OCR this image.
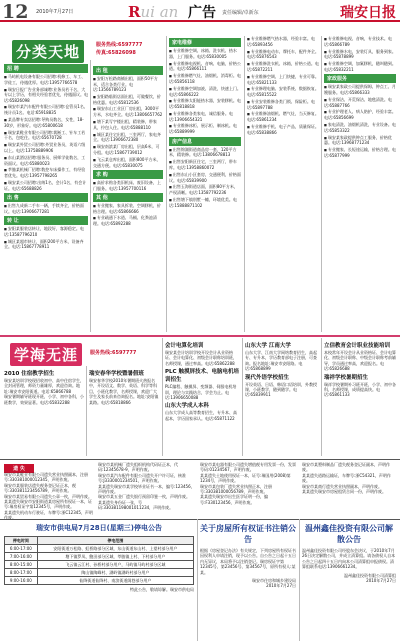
12 2010年7月27日	Rui an 广告 责任编辑/卓新东	瑞安日报
分类天地	服务热线:6597777
传真:65826098
招 聘
■ 马屿机电设备有限公司招聘:机修工、车工、学徒工，待遇优厚。电话:13957766578
■ 瑞安日报广告业务部诚聘:业务员若干名，大专以上学历，有相关经验者优先，待遇面议。电话:65826098
■ 瑞安市某汽车配件有限公司招聘:仓管员1名、统计员1名。电话:65918835
■ 某品牌专卖店招聘:导购员数名，女性，18-30岁，形象好。电话:65800618
■ 瑞安某鞋业有限公司招聘:裁断工、针车工若干名，包吃住。电话:65670728
■ 瑞安某外贸公司招聘:外贸业务员，英语六级以上。电话:13758889906
■ 东山某酒店招聘:服务员、厨师学徒数名，工资面议。电话:65880023
■ 莘塍某机械厂招聘:数控车床操作工，有经验者优先。电话:13957798265
■ 瑞安某公司招聘:出纳1名，会计1名，有会计证。电话:65688826
出 售
■ 出售九成新二手车一辆，手续齐全，价格面议。电话:13906677281
转 让
■ 安阳某服装店转让，地段好，客源稳定。电话:13587796210
■ 城区某超市转让，面积200平方米，设备齐全。电话:15867778911
出 租
■ 安阳万松路商铺出租，面积50平方米，适合各类行业。电话:13566789123
■ 安阳路临街店面出租，可做餐饮，价格优惠。电话:65812536
■ 瑞安东山工业区厂房出租，3000平方米，水电齐全。电话:13806657762
■ 塘下某写字楼出租，精装修，带家具，拎包入住。电话:65888110
■ 城区某住宅出租，三室两厅，家电齐全。电话:13906672380
■ 瑞安南滨某厂房出租，层高6米，可分租。电话:15867739012
■ 飞云某仓库出租，面积800平方米，交通方便。电话:65830075
求 购
■ 高价求购各类旧机床、废旧设备，上门服务。电话:13957700116
其 他
■ 专业搬家、家具拆装、空调移机，价格合理。电话:65866666
■ 专业疏通下水道、马桶、化粪池清理。电话:65892288
家电维修
■ 专业维修空调、冰箱、洗衣机、热水器，上门服务。电话:65830005
■ 专业维修电视机、音响、电脑，价格公道。电话:65866111
■ 专业维修燃气灶、油烟机、消毒柜。电话:65856118
■ 专业维修空调加液、清洗，快速上门。电话:65866222
■ 专业维修太阳能热水器，安装移机。电话:65818818
■ 专业维修各类家电，诚信服务。电话:13906654321
■ 专业维修冰柜、展示柜、制冰机。电话:65889999
房产信息
■ 出售锦湖街道商品房一套，120平方米，精装修。电话:13806678813
■ 出售安阳新区住宅，三室两厅，带车库。电话:13958860072
■ 出售东山小区套房，交通便利，价格面议。电话:65839900
■ 出售玉海街道店面，面积80平方米，产权清晰。电话:13587792236
■ 出售塘下镇别墅一幢，环境优美。电话:15888871102
■ 专业维修燃气热水器，经验丰富。电话:65893456
■ 专业维修电动车、摩托车，配件齐全。电话:65876543
■ 专业维修洗衣机、冰箱，价格公道。电话:65872211
■ 专业维修空调、上门快捷，专业可靠。电话:65821133
■ 专业修理电脑、安装系统、数据恢复。电话:65815522
■ 专业安装维修各类门锁、保险柜。电话:65897788
■ 专业维修油烟机、燃气灶，当天修复。电话:65861234
■ 专业维修手机、电子产品，质量保证。电话:65838866
■ 专业维修电视、音响，专业技术。电话:65866789
■ 专业维修水电，安装灯具，服务到家。电话:65878899
■ 专业维修空调，加氟移机，随叫随到。电话:65832211
家政服务
■ 瑞安某家政公司提供保姆、钟点工、月嫂服务。电话:65866333
■ 专业保洁、开荒保洁、地毯清洗。电话:65887766
■ 专业护理老人、病人陪护，经验丰富。电话:65856699
■ 家电清洗、油烟机清洗，专业设备。电话:65853322
■ 瑞安某家政提供钟点工服务，价格优惠。电话:13968771234
■ 专业搬家、长短途运输，价格合理。电话:65877999
学海无涯	服务热线:6597777
2010 住宿教学招生
瑞安某培训学校现招收初中、高中住宿学生，全封闭管理，师资力量雄厚，欢迎咨询。地址:瑞安市安阳街道。电话:65866788
瑞安暑期辅导班现开班，小学、初中各科，小班教学，效果显著。电话:65832288
瑞安春华学校暨暑假班
瑞安春华学校2010年暑期班火热报名中，开设语文、数学、英语、科学等科目，小班化教学，名师授课，欢迎广大学生及家长前来咨询报名。地址:安阳镇某路。电话:65818866
会计电算化培训
瑞安某会计培训学校开设会计从业资格证、会计电算化、初级会计职称培训班，名师授课，通过率高。电话:65862288
PLC 触摸屏技术、电脑电机培训招生
PLC编程、触摸屏、变频器、伺服电机培训，理论与实践结合，学会为止。电话:13906650088
山东大学成人本科
山东大学成人高等教育招生，专升本、高起本，学历国家承认。电话:65871122
山东大学 江南大学
山东大学、江南大学网络教育招生，高起专、专升本，学历教育部电子注册，可查询。报名地址:瑞安市安阳路。电话:65868899
现代外语学校招生
开设英语、日语、韩语口语培训，外教授课，小班教学，随到随学。电话:65839911
立信教育会计职业技能培训
本校常年开设会计从业资格证、会计电算化、初级会计职称、中级会计职称考前辅导，学员通过率高，欢迎报名。电话:65826688
瑞祥学校暑期招生
瑞祥学校暑期补习班开班，小学、初中各科，名师授课，成绩提高快。电话:65861133
遗 失
瑞安市某鞋业有限公司遗失营业执照副本，注册号:330381000012345，声明作废。
瑞安市某服装店遗失税务登记证正本，税号:330381123456789，声明作废。
瑞安市某贸易有限公司遗失公章一枚，声明作废。
某某遗失瑞安市安阳街道某房屋所有权证一本，证号:瑞房权证字第12345号，声明作废。
某某遗失机动车行驶证，车牌号:浙C12345，声明作废。
瑞安市某机械厂遗失组织机构代码证正本，代码:12345678-9，声明作废。
瑞安市某汽车配件有限公司遗失开户许可证，核准号:J3330001234501，声明作废。
某某遗失瑞安市某学校毕业证书一本，编号:123456，声明作废。
瑞安市某五金厂遗失银行预留印鉴一枚，声明作废。
某某遗失身份证一张，号码:330381198001011234，声明作废。
瑞安市某电器有限公司遗失增值税专用发票一份，发票号码:01234567，声明作废。
某某遗失土地使用权证一本，证号:瑞国用(2008)第1234号，声明作废。
瑞安市某包装厂遗失营业执照正本，注册号:330381000056789，声明作废。
某某遗失瑞安市出生医学证明一份，编号:F330123456，声明作废。
瑞安市某塑料制品厂遗失税务登记证副本，声明作废。
某某遗失道路运输证，车牌号:浙C54321，声明作废。
瑞安市某商行遗失营业执照副本，声明作废。
某某遗失瑞安市房屋租赁合同一份，声明作废。
瑞安市供电局7月28日(星期三)停电公告
停电时间	停电范围
6:00-17:00	安阳街道万松路、虹桥路部分区域，东山街道东山村、上望村部分用户
7:00-16:00	塘下镇罗凤、鲍田部分区域，莘塍镇上村、下村部分用户
8:00-15:00	飞云镇云江村、孙桥村部分用户，马屿镇马屿村部分区域
8:00-17:00	陶山镇陶峰村、湖岭镇湖岭村部分用户
9:00-16:00	仙降街道仙降村、南滨街道阁巷部分用户
特此公告，敬请谅解。瑞安市供电局
关于房屋所有权证书注销公告
根据《房屋登记办法》有关规定，下列房屋所有权证书因权利人申请注销，现予以公告。自公告之日起十五日内无异议，本局将予以注销登记。瑞房权证字第12345号、第23456号、第34567号，原所有权人:某某。
瑞安市住房和城乡建设局
2010年7月27日
温州鑫佳投资有限公司解散公告
温州鑫佳投资有限公司经股东会决议，于2010年7月26日决定解散公司，并成立清算组。请各债权人自本公告之日起四十五日内向本公司清算组申报债权。清算组联系电话:13906661234。
温州鑫佳投资有限公司清算组
2010年7月27日
